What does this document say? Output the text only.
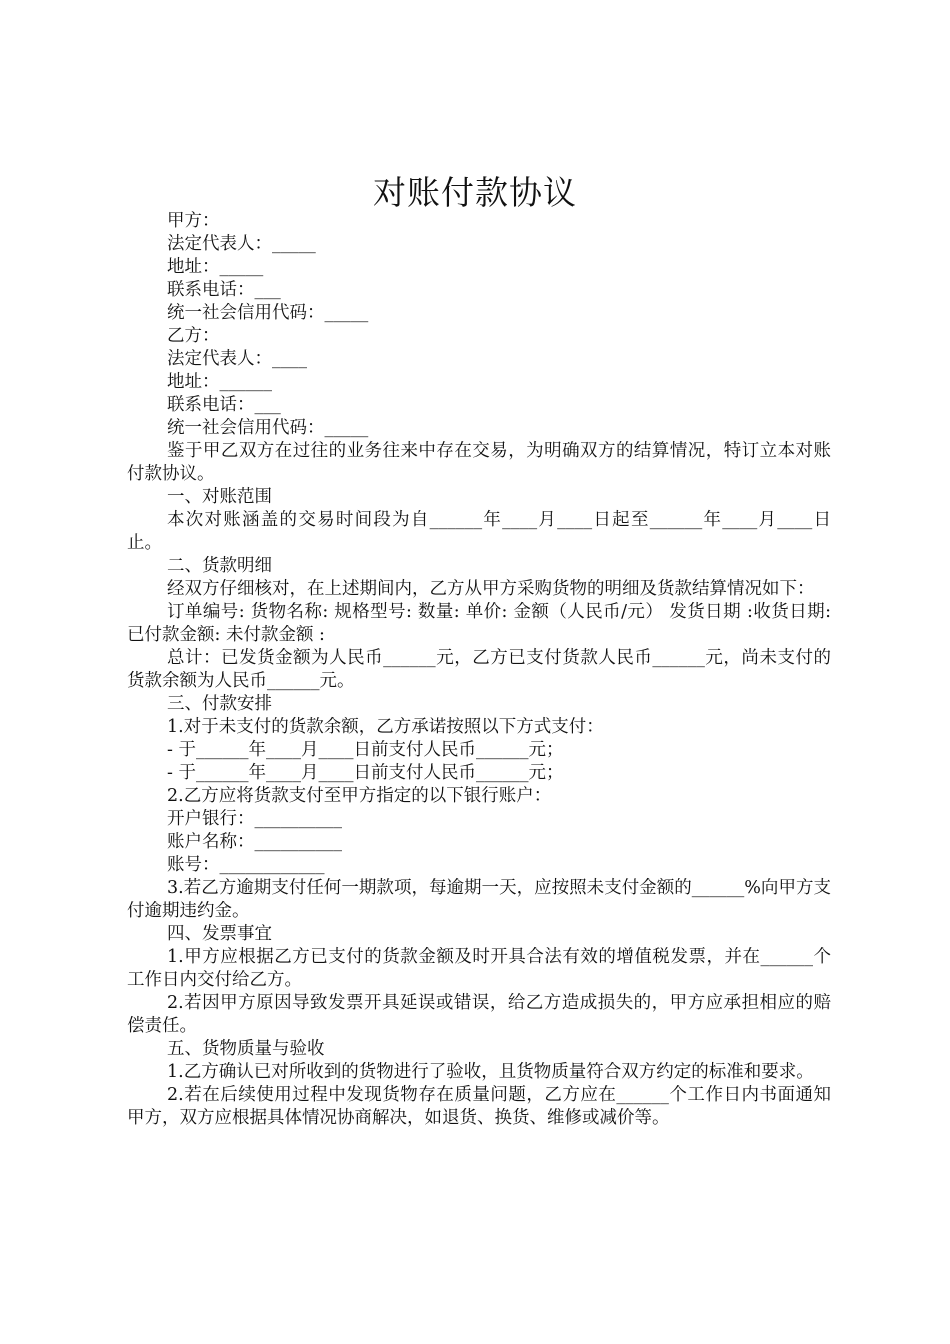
对账付款协议

甲方：

法定代表人：_____

地址：_____

联系电话：___

统一社会信用代码：_____

乙方：

法定代表人：____

地址：______

联系电话：___

统一社会信用代码：_____

鉴于甲乙双方在过往的业务往来中存在交易，为明确双方的结算情况，特订立本对账付款协议。

一、对账范围

本次对账涵盖的交易时间段为自______年____月____日起至______年____月____日止。

二、货款明细

经双方仔细核对，在上述期间内，乙方从甲方采购货物的明细及货款结算情况如下：

订单编号: 货物名称: 规格型号: 数量: 单价: 金额（人民币/元） 发货日期 :收货日期: 已付款金额: 未付款金额 :

总计：已发货金额为人民币______元，乙方已支付货款人民币______元，尚未支付的货款余额为人民币______元。

三、付款安排

1.对于未支付的货款余额，乙方承诺按照以下方式支付：

- 于______年____月____日前支付人民币______元；

- 于______年____月____日前支付人民币______元；

2.乙方应将货款支付至甲方指定的以下银行账户：

开户银行：__________

账户名称：__________

账号：____________

3.若乙方逾期支付任何一期款项，每逾期一天，应按照未支付金额的______%向甲方支付逾期违约金。

四、发票事宜

1.甲方应根据乙方已支付的货款金额及时开具合法有效的增值税发票，并在______个工作日内交付给乙方。

2.若因甲方原因导致发票开具延误或错误，给乙方造成损失的，甲方应承担相应的赔偿责任。

五、货物质量与验收

1.乙方确认已对所收到的货物进行了验收，且货物质量符合双方约定的标准和要求。

2.若在后续使用过程中发现货物存在质量问题，乙方应在______个工作日内书面通知甲方，双方应根据具体情况协商解决，如退货、换货、维修或减价等。
